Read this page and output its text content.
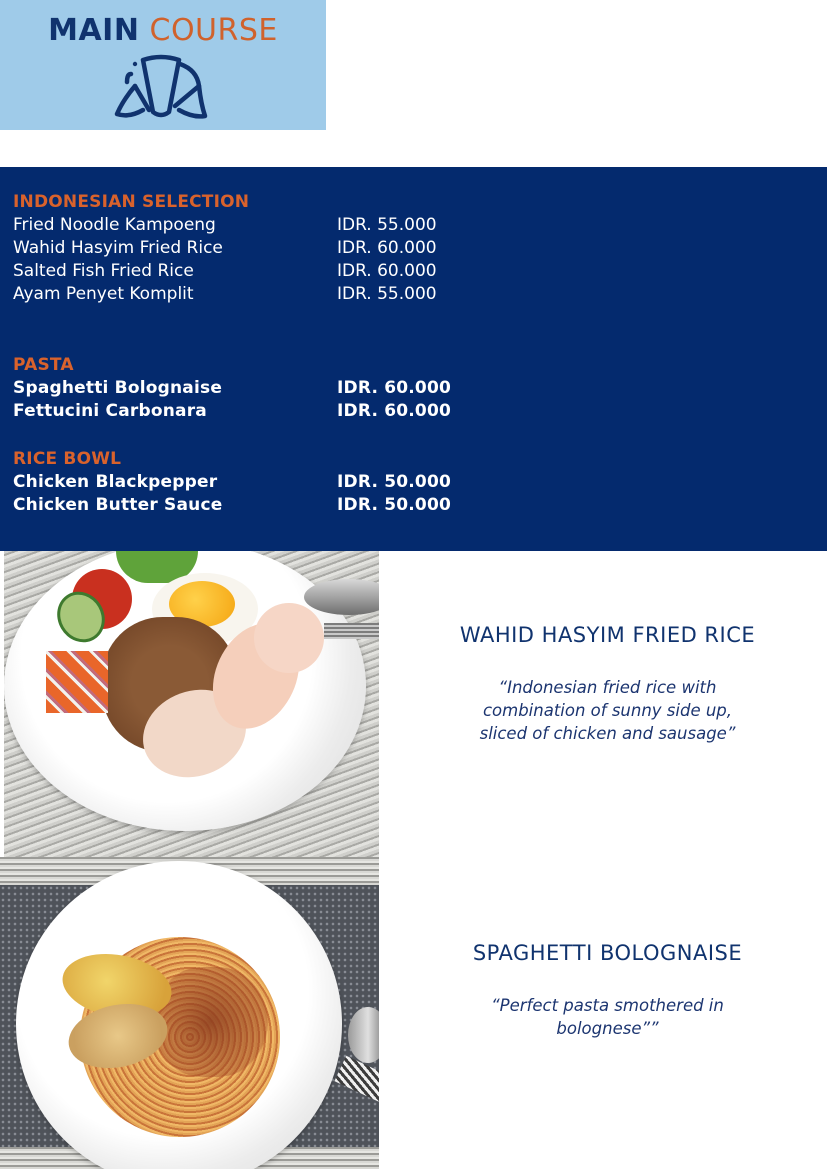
MAIN COURSE
INDONESIAN SELECTION
Fried Noodle Kampoeng	IDR. 55.000
Wahid Hasyim Fried Rice	IDR. 60.000
Salted Fish Fried Rice	IDR. 60.000
Ayam Penyet Komplit	IDR. 55.000
PASTA
Spaghetti Bolognaise	IDR. 60.000
Fettucini Carbonara	IDR. 60.000
RICE BOWL
Chicken Blackpepper	IDR. 50.000
Chicken Butter Sauce	IDR. 50.000
WAHID HASYIM FRIED RICE
“Indonesian fried rice with
combination of sunny side up,
sliced of chicken and sausage”
SPAGHETTI BOLOGNAISE
“Perfect pasta smothered in
bolognese””
